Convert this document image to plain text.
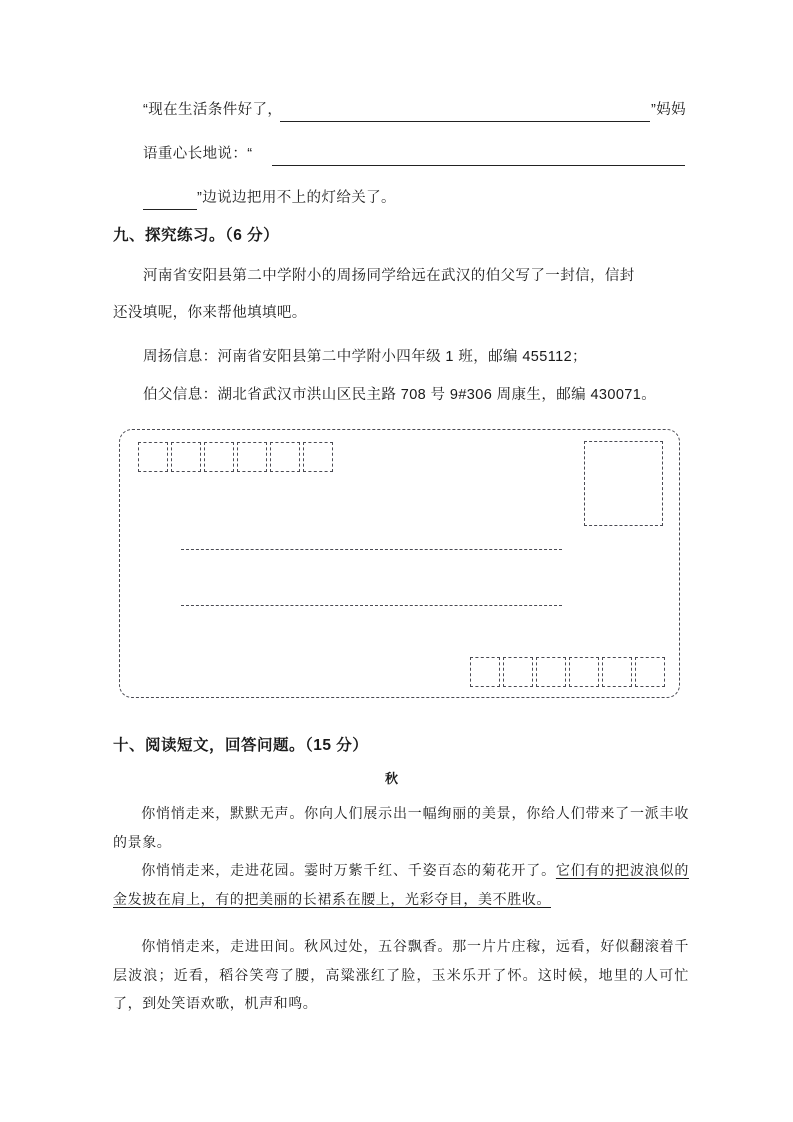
“现在生活条件好了，	”妈妈
语重心长地说：“
”边说边把用不上的灯给关了。
九、探究练习。（6 分）
河南省安阳县第二中学附小的周扬同学给远在武汉的伯父写了一封信，信封
还没填呢，你来帮他填填吧。
周扬信息：河南省安阳县第二中学附小四年级 1 班，邮编 455112；
伯父信息：湖北省武汉市洪山区民主路 708 号 9#306 周康生，邮编 430071。
十、阅读短文，回答问题。（15 分）
秋
你悄悄走来，默默无声。你向人们展示出一幅绚丽的美景，你给人们带来了一派丰收的景象。
你悄悄走来，走进花园。霎时万紫千红、千姿百态的菊花开了。它们有的把波浪似的金发披在肩上，有的把美丽的长裙系在腰上，光彩夺目，美不胜收。
你悄悄走来，走进田间。秋风过处，五谷飘香。那一片片庄稼，远看，好似翻滚着千层波浪；近看，稻谷笑弯了腰，高粱涨红了脸，玉米乐开了怀。这时候，地里的人可忙了，到处笑语欢歌，机声和鸣。
